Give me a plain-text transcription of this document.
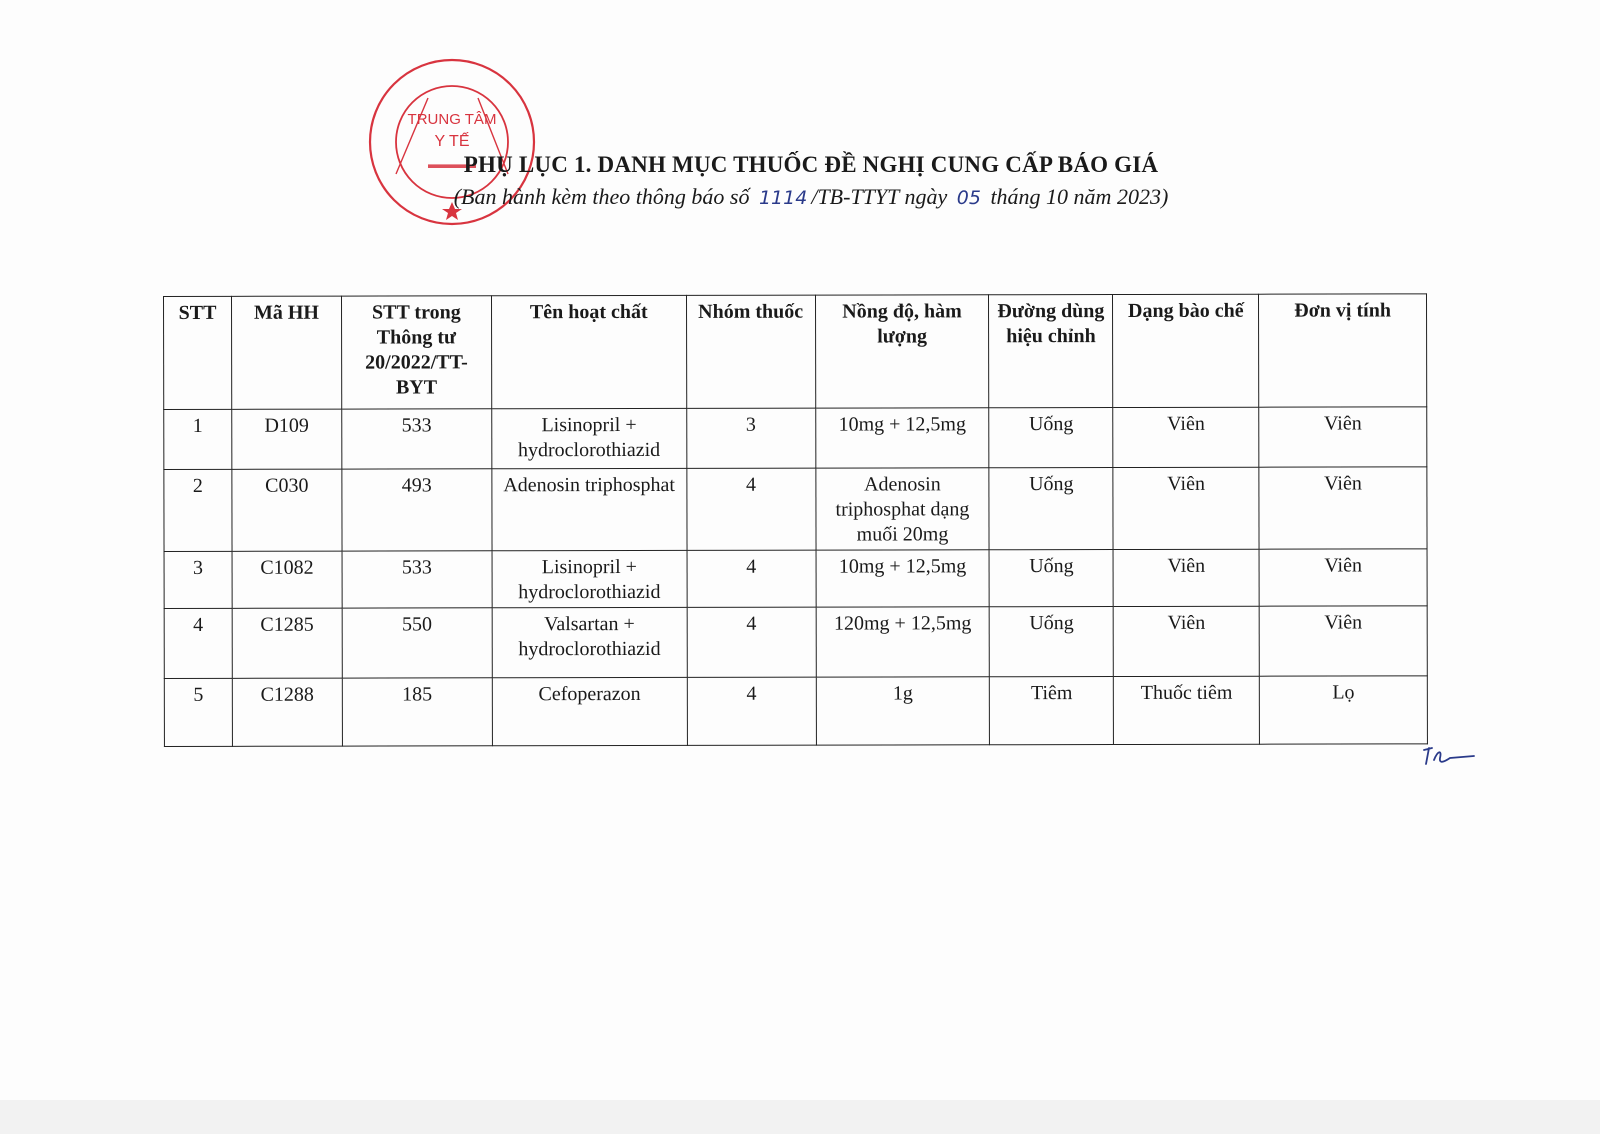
TRUNG TÂM
Y TẾ
▬▬▬▬
PHỤ LỤC 1. DANH MỤC THUỐC ĐỀ NGHỊ CUNG CẤP BÁO GIÁ
(Ban hành kèm theo thông báo số 1114 /TB-TTYT ngày 05 tháng 10 năm 2023)
STT	Mã HH	STT trong Thông tư 20/2022/TT-BYT	Tên hoạt chất	Nhóm thuốc	Nồng độ, hàm lượng	Đường dùng hiệu chỉnh	Dạng bào chế	Đơn vị tính
1	D109	533	Lisinopril + hydroclorothiazid	3	10mg + 12,5mg	Uống	Viên	Viên
2	C030	493	Adenosin triphosphat	4	Adenosin triphosphat dạng muối 20mg	Uống	Viên	Viên
3	C1082	533	Lisinopril + hydroclorothiazid	4	10mg + 12,5mg	Uống	Viên	Viên
4	C1285	550	Valsartan + hydroclorothiazid	4	120mg + 12,5mg	Uống	Viên	Viên
5	C1288	185	Cefoperazon	4	1g	Tiêm	Thuốc tiêm	Lọ
